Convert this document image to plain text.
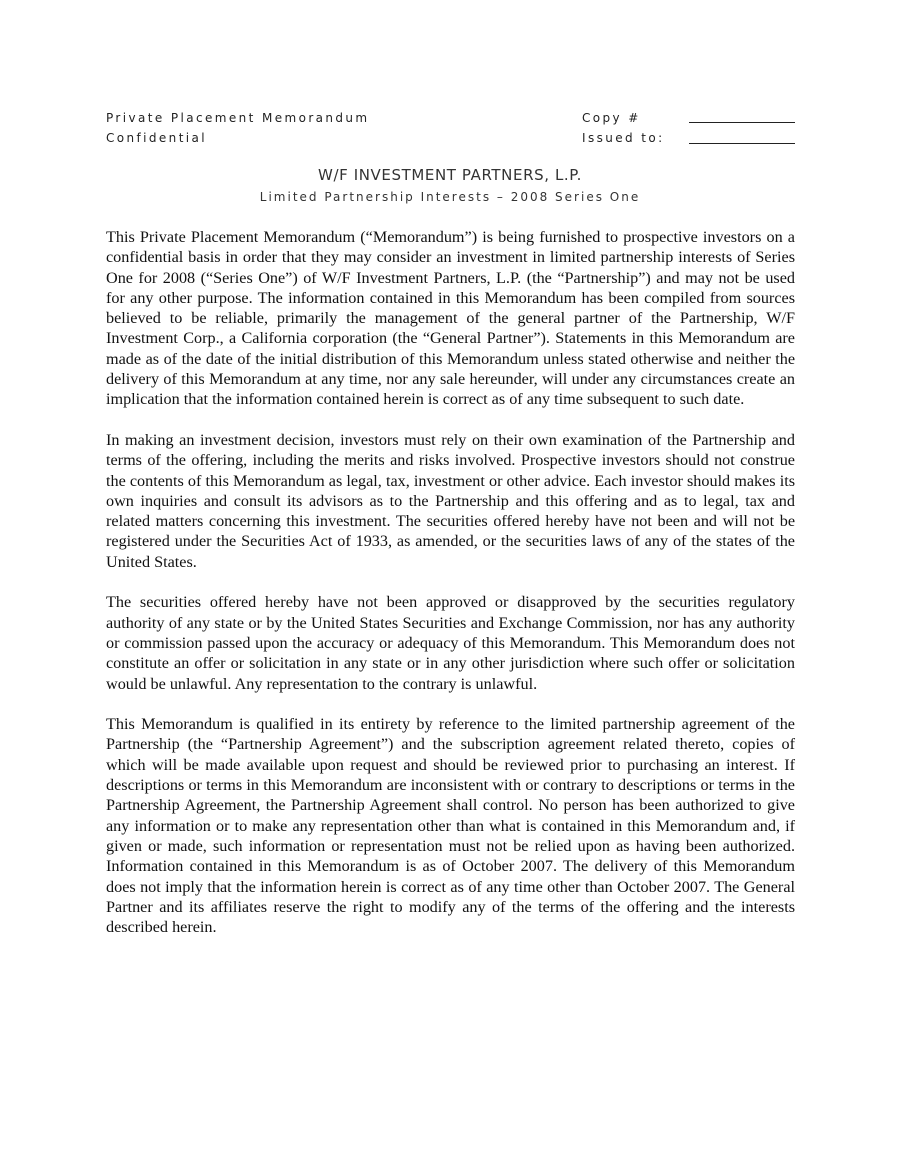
Private Placement Memorandum
Confidential
Copy #
Issued to:
W/F INVESTMENT PARTNERS, L.P.
Limited Partnership Interests – 2008 Series One

This Private Placement Memorandum (“Memorandum”) is being furnished to prospective investors on a confidential basis in order that they may consider an investment in limited partnership interests of Series One for 2008 (“Series One”) of W/F Investment Partners, L.P. (the “Partnership”) and may not be used for any other purpose. The information contained in this Memorandum has been compiled from sources believed to be reliable, primarily the management of the general partner of the Partnership, W/F Investment Corp., a California corporation (the “General Partner”). Statements in this Memorandum are made as of the date of the initial distribution of this Memorandum unless stated otherwise and neither the delivery of this Memorandum at any time, nor any sale hereunder, will under any circumstances create an implication that the information contained herein is correct as of any time subsequent to such date.

In making an investment decision, investors must rely on their own examination of the Partnership and terms of the offering, including the merits and risks involved. Prospective investors should not construe the contents of this Memorandum as legal, tax, investment or other advice. Each investor should makes its own inquiries and consult its advisors as to the Partnership and this offering and as to legal, tax and related matters concerning this investment. The securities offered hereby have not been and will not be registered under the Securities Act of 1933, as amended, or the securities laws of any of the states of the United States.

The securities offered hereby have not been approved or disapproved by the securities regulatory authority of any state or by the United States Securities and Exchange Commission, nor has any authority or commission passed upon the accuracy or adequacy of this Memorandum. This Memorandum does not constitute an offer or solicitation in any state or in any other jurisdiction where such offer or solicitation would be unlawful. Any representation to the contrary is unlawful.

This Memorandum is qualified in its entirety by reference to the limited partnership agreement of the Partnership (the “Partnership Agreement”) and the subscription agreement related thereto, copies of which will be made available upon request and should be reviewed prior to purchasing an interest. If descriptions or terms in this Memorandum are inconsistent with or contrary to descriptions or terms in the Partnership Agreement, the Partnership Agreement shall control. No person has been authorized to give any information or to make any representation other than what is contained in this Memorandum and, if given or made, such information or representation must not be relied upon as having been authorized. Information contained in this Memorandum is as of October 2007. The delivery of this Memorandum does not imply that the information herein is correct as of any time other than October 2007. The General Partner and its affiliates reserve the right to modify any of the terms of the offering and the interests described herein.
